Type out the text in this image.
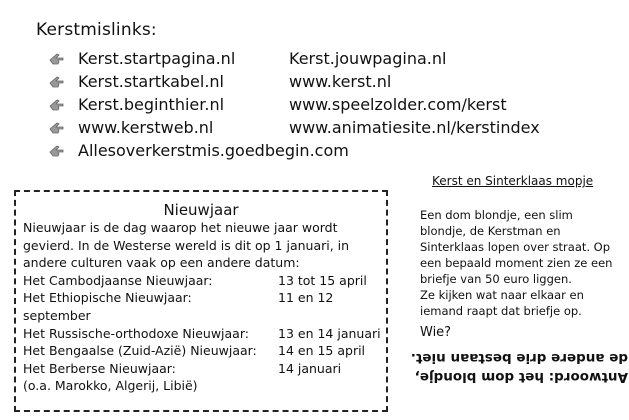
Kerstmislinks:
Kerst.startpagina.nl	Kerst.jouwpagina.nl
Kerst.startkabel.nl	www.kerst.nl
Kerst.beginthier.nl	www.speelzolder.com/kerst
www.kerstweb.nl	www.animatiesite.nl/kerstindex
Allesoverkerstmis.goedbegin.com
Nieuwjaar
Nieuwjaar is de dag waarop het nieuwe jaar wordt
gevierd. In de Westerse wereld is dit op 1 januari, in
andere culturen vaak op een andere datum:
Het Cambodjaanse Nieuwjaar:	13 tot 15 april
Het Ethiopische Nieuwjaar:	11 en 12
september
Het Russische-orthodoxe Nieuwjaar: 13 en 14 januari
Het Bengaalse (Zuid-Azië) Nieuwjaar: 14 en 15 april
Het Berberse Nieuwjaar:	14 januari
(o.a. Marokko, Algerij, Libië)
Kerst en Sinterklaas mopje
Een dom blondje, een slim
blondje, de Kerstman en
Sinterklaas lopen over straat. Op
een bepaald moment zien ze een
briefje van 50 euro liggen.
Ze kijken wat naar elkaar en
iemand raapt dat briefje op.
Wie?
Antwoord: het dom blondje,
de andere drie bestaan niet.
